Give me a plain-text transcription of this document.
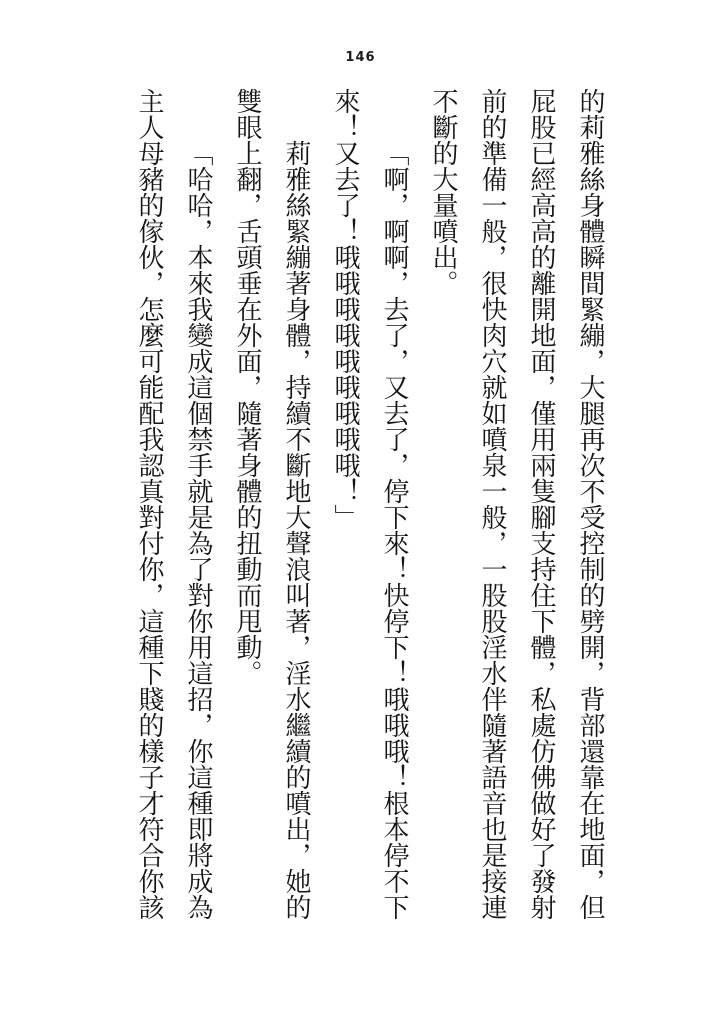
146

的莉雅絲身體瞬間緊繃，大腿再次不受控制的劈開，背部還靠在地面，但屁股已經高高的離開地面，僅用兩隻腳支持住下體，私處仿佛做好了發射前的準備一般，很快肉穴就如噴泉一般，一股股淫水伴隨著語音也是接連不斷的大量噴出。

「啊，啊啊，去了，又去了，停下來！快停下！哦哦哦！根本停不下來！又去了！哦哦哦哦哦哦哦哦哦！」

莉雅絲緊繃著身體，持續不斷地大聲浪叫著，淫水繼續的噴出，她的雙眼上翻，舌頭垂在外面，隨著身體的扭動而甩動。

「哈哈，本來我變成這個禁手就是為了對你用這招，你這種即將成為主人母豬的傢伙，怎麼可能配我認真對付你，這種下賤的樣子才符合你該
